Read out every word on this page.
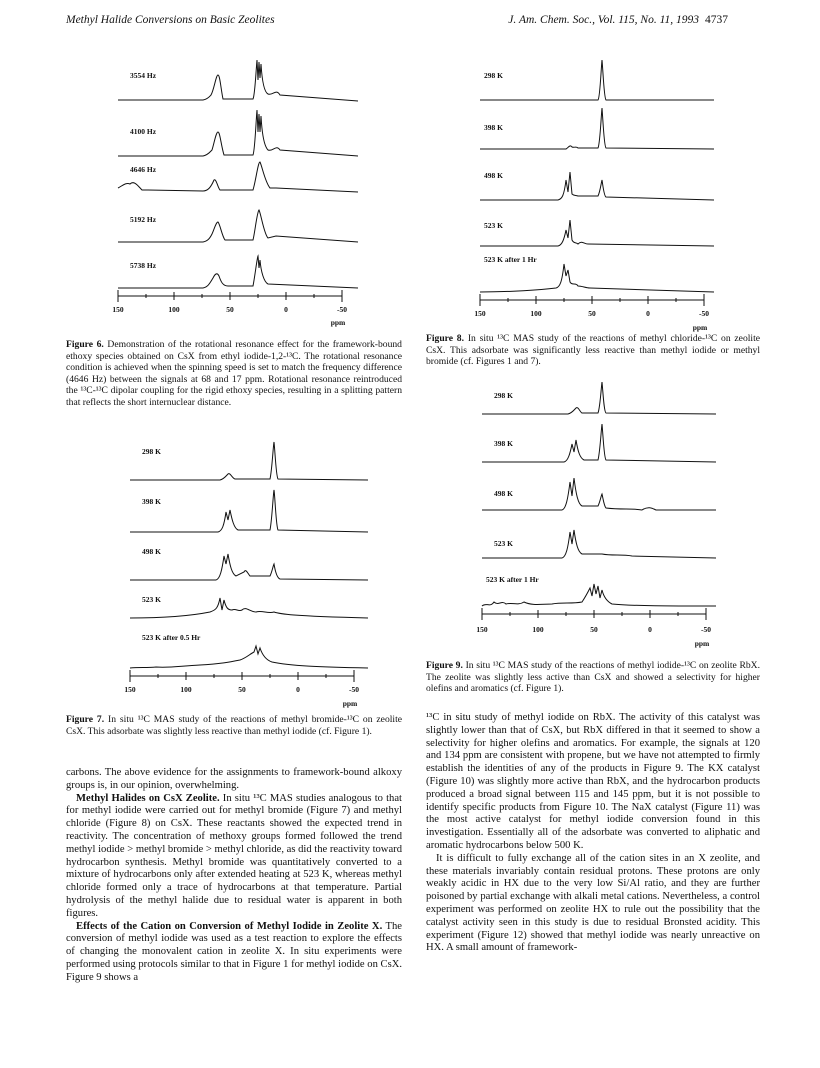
Methyl Halide Conversions on Basic Zeolites	J. Am. Chem. Soc., Vol. 115, No. 11, 1993 4737
3554 Hz
4100 Hz
4646 Hz
5192 Hz
5738 Hz
150	100	50	0	-50
ppm
Figure 6. Demonstration of the rotational resonance effect for the framework-bound ethoxy species obtained on CsX from ethyl iodide-1,2-¹³C. The rotational resonance condition is achieved when the spinning speed is set to match the frequency difference (4646 Hz) between the signals at 68 and 17 ppm. Rotational resonance reintroduced the ¹³C-¹³C dipolar coupling for the rigid ethoxy species, resulting in a splitting pattern that reflects the short internuclear distance.
298 K
398 K
498 K
523 K
523 K after 0.5 Hr
150	100	50	0	-50
ppm
Figure 7. In situ ¹³C MAS study of the reactions of methyl bromide-¹³C on zeolite CsX. This adsorbate was slightly less reactive than methyl iodide (cf. Figure 1).
298 K
398 K
498 K
523 K
523 K after 1 Hr
150	100	50	0	-50
ppm
Figure 8. In situ ¹³C MAS study of the reactions of methyl chloride-¹³C on zeolite CsX. This adsorbate was significantly less reactive than methyl iodide or methyl bromide (cf. Figures 1 and 7).
298 K
398 K
498 K
523 K
523 K after 1 Hr
150	100	50	0	-50
ppm
Figure 9. In situ ¹³C MAS study of the reactions of methyl iodide-¹³C on zeolite RbX. The zeolite was slightly less active than CsX and showed a selectivity for higher olefins and aromatics (cf. Figure 1).

carbons. The above evidence for the assignments to framework-bound alkoxy groups is, in our opinion, overwhelming.

Methyl Halides on CsX Zeolite. In situ ¹³C MAS studies analogous to that for methyl iodide were carried out for methyl bromide (Figure 7) and methyl chloride (Figure 8) on CsX. These reactants showed the expected trend in reactivity. The concentration of methoxy groups formed followed the trend methyl iodide > methyl bromide > methyl chloride, as did the reactivity toward hydrocarbon synthesis. Methyl bromide was quantitatively converted to a mixture of hydrocarbons only after extended heating at 523 K, whereas methyl chloride formed only a trace of hydrocarbons at that temperature. Partial hydrolysis of the methyl halide due to residual water is apparent in both figures.

Effects of the Cation on Conversion of Methyl Iodide in Zeolite X. The conversion of methyl iodide was used as a test reaction to explore the effects of changing the monovalent cation in zeolite X. In situ experiments were performed using protocols similar to that in Figure 1 for methyl iodide on CsX. Figure 9 shows a

¹³C in situ study of methyl iodide on RbX. The activity of this catalyst was slightly lower than that of CsX, but RbX differed in that it seemed to show a selectivity for higher olefins and aromatics. For example, the signals at 120 and 134 ppm are consistent with propene, but we have not attempted to firmly establish the identities of any of the products in Figure 9. The KX catalyst (Figure 10) was slightly more active than RbX, and the hydrocarbon products produced a broad signal between 115 and 145 ppm, but it is not possible to identify specific products from Figure 10. The NaX catalyst (Figure 11) was the most active catalyst for methyl iodide conversion found in this investigation. Essentially all of the adsorbate was converted to aliphatic and aromatic hydrocarbons below 500 K.

It is difficult to fully exchange all of the cation sites in an X zeolite, and these materials invariably contain residual protons. These protons are only weakly acidic in HX due to the very low Si/Al ratio, and they are further poisoned by partial exchange with alkali metal cations. Nevertheless, a control experiment was performed on zeolite HX to rule out the possibility that the catalyst activity seen in this study is due to residual Bronsted acidity. This experiment (Figure 12) showed that methyl iodide was nearly unreactive on HX. A small amount of framework-
